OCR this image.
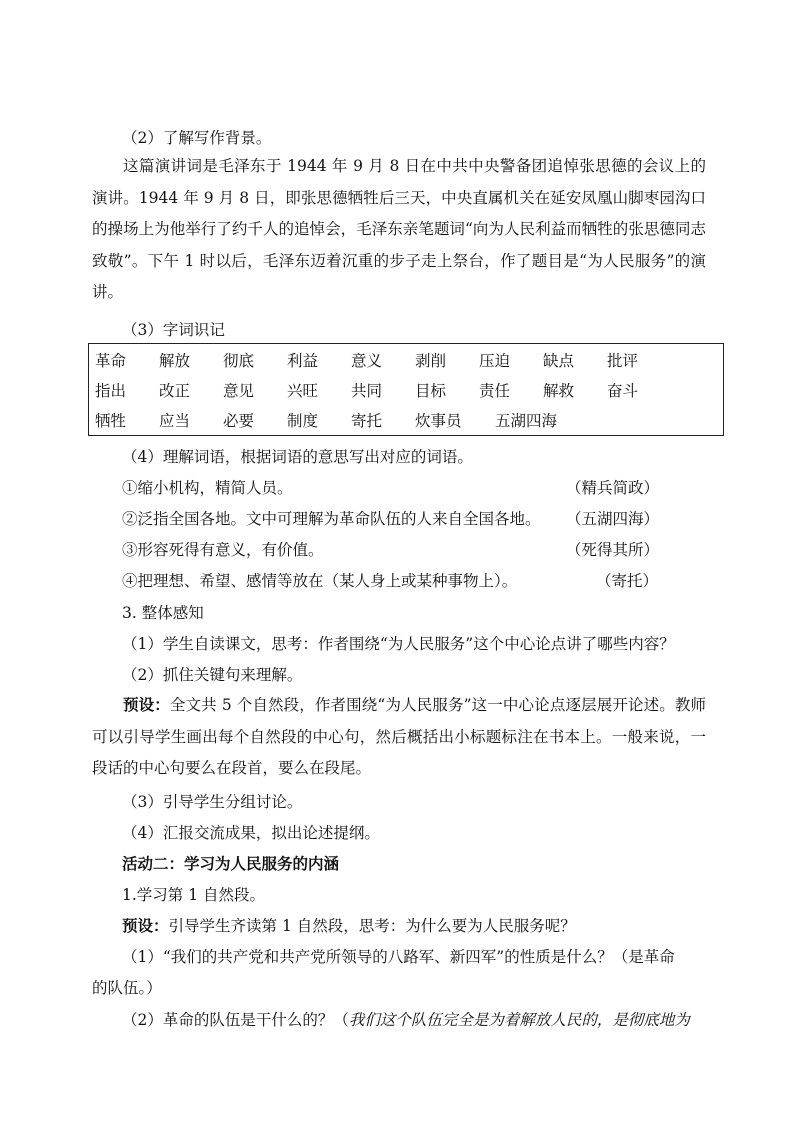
（2）了解写作背景。
这篇演讲词是毛泽东于 1944 年 9 月 8 日在中共中央警备团追悼张思德的会议上的演讲。1944 年 9 月 8 日，即张思德牺牲后三天，中央直属机关在延安凤凰山脚枣园沟口的操场上为他举行了约千人的追悼会，毛泽东亲笔题词“向为人民利益而牺牲的张思德同志致敬”。下午 1 时以后，毛泽东迈着沉重的步子走上祭台，作了题目是“为人民服务”的演讲。
（3）字词识记
革命 解放 彻底 利益 意义 剥削 压迫 缺点 批评
指出 改正 意见 兴旺 共同 目标 责任 解救 奋斗
牺牲 应当 必要 制度 寄托 炊事员 五湖四海
（4）理解词语，根据词语的意思写出对应的词语。
①缩小机构，精简人员。	（精兵简政）
②泛指全国各地。文中可理解为革命队伍的人来自全国各地。 （五湖四海）
③形容死得有意义，有价值。	（死得其所）
④把理想、希望、感情等放在（某人身上或某种事物上）。	（寄托）
3. 整体感知
（1）学生自读课文，思考：作者围绕“为人民服务”这个中心论点讲了哪些内容？
（2）抓住关键句来理解。
预设：全文共 5 个自然段，作者围绕“为人民服务”这一中心论点逐层展开论述。教师可以引导学生画出每个自然段的中心句，然后概括出小标题标注在书本上。一般来说，一段话的中心句要么在段首，要么在段尾。
（3）引导学生分组讨论。
（4）汇报交流成果，拟出论述提纲。
活动二：学习为人民服务的内涵
1.学习第 1 自然段。
预设：引导学生齐读第 1 自然段，思考：为什么要为人民服务呢？
（1）“我们的共产党和共产党所领导的八路军、新四军”的性质是什么？（是革命
的队伍。）
（2）革命的队伍是干什么的？（我们这个队伍完全是为着解放人民的，是彻底地为
